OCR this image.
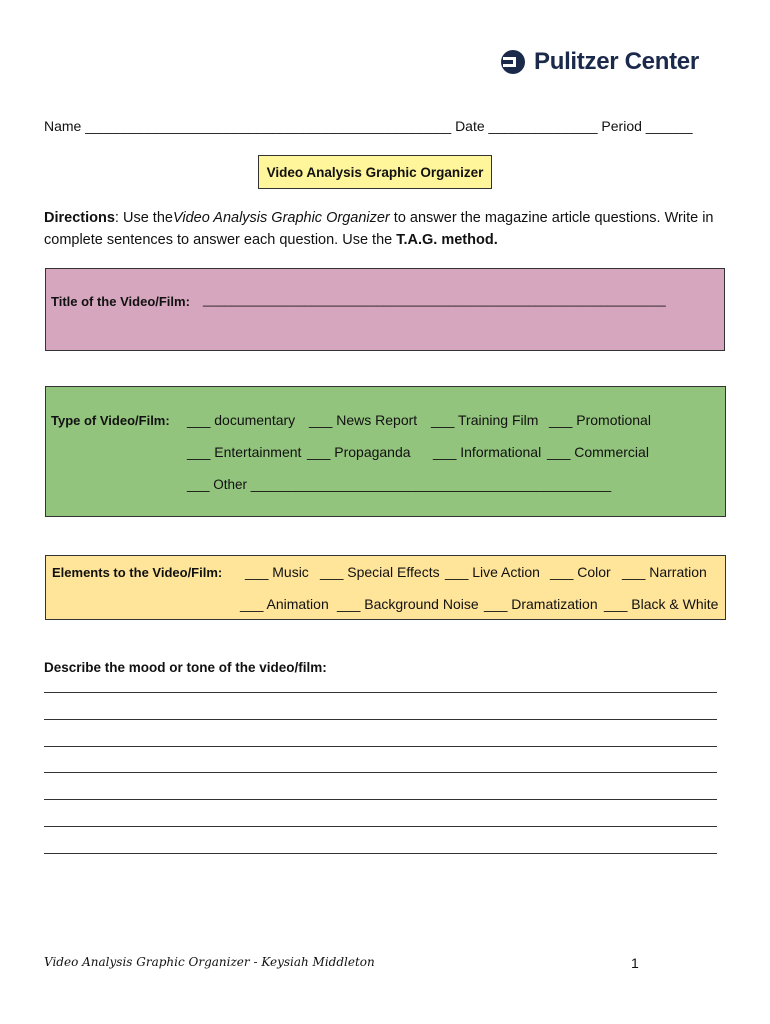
Pulitzer Center
Name _______________________________________________ Date ______________ Period ______
Video Analysis Graphic Organizer
Directions: Use theVideo Analysis Graphic Organizer to answer the magazine article questions. Write in complete sentences to answer each question. Use the T.A.G. method.
Title of the Video/Film: ________________________________________________________________
Type of Video/Film: ___ documentary ___ News Report ___ Training Film ___ Promotional
___ Entertainment ___ Propaganda ___ Informational ___ Commercial
___ Other ________________________________________________
Elements to the Video/Film: ___ Music ___ Special Effects ___ Live Action ___ Color ___ Narration
___ Animation ___ Background Noise ___ Dramatization ___ Black & White
Describe the mood or tone of the video/film:
Video Analysis Graphic Organizer - Keysiah Middleton	1
